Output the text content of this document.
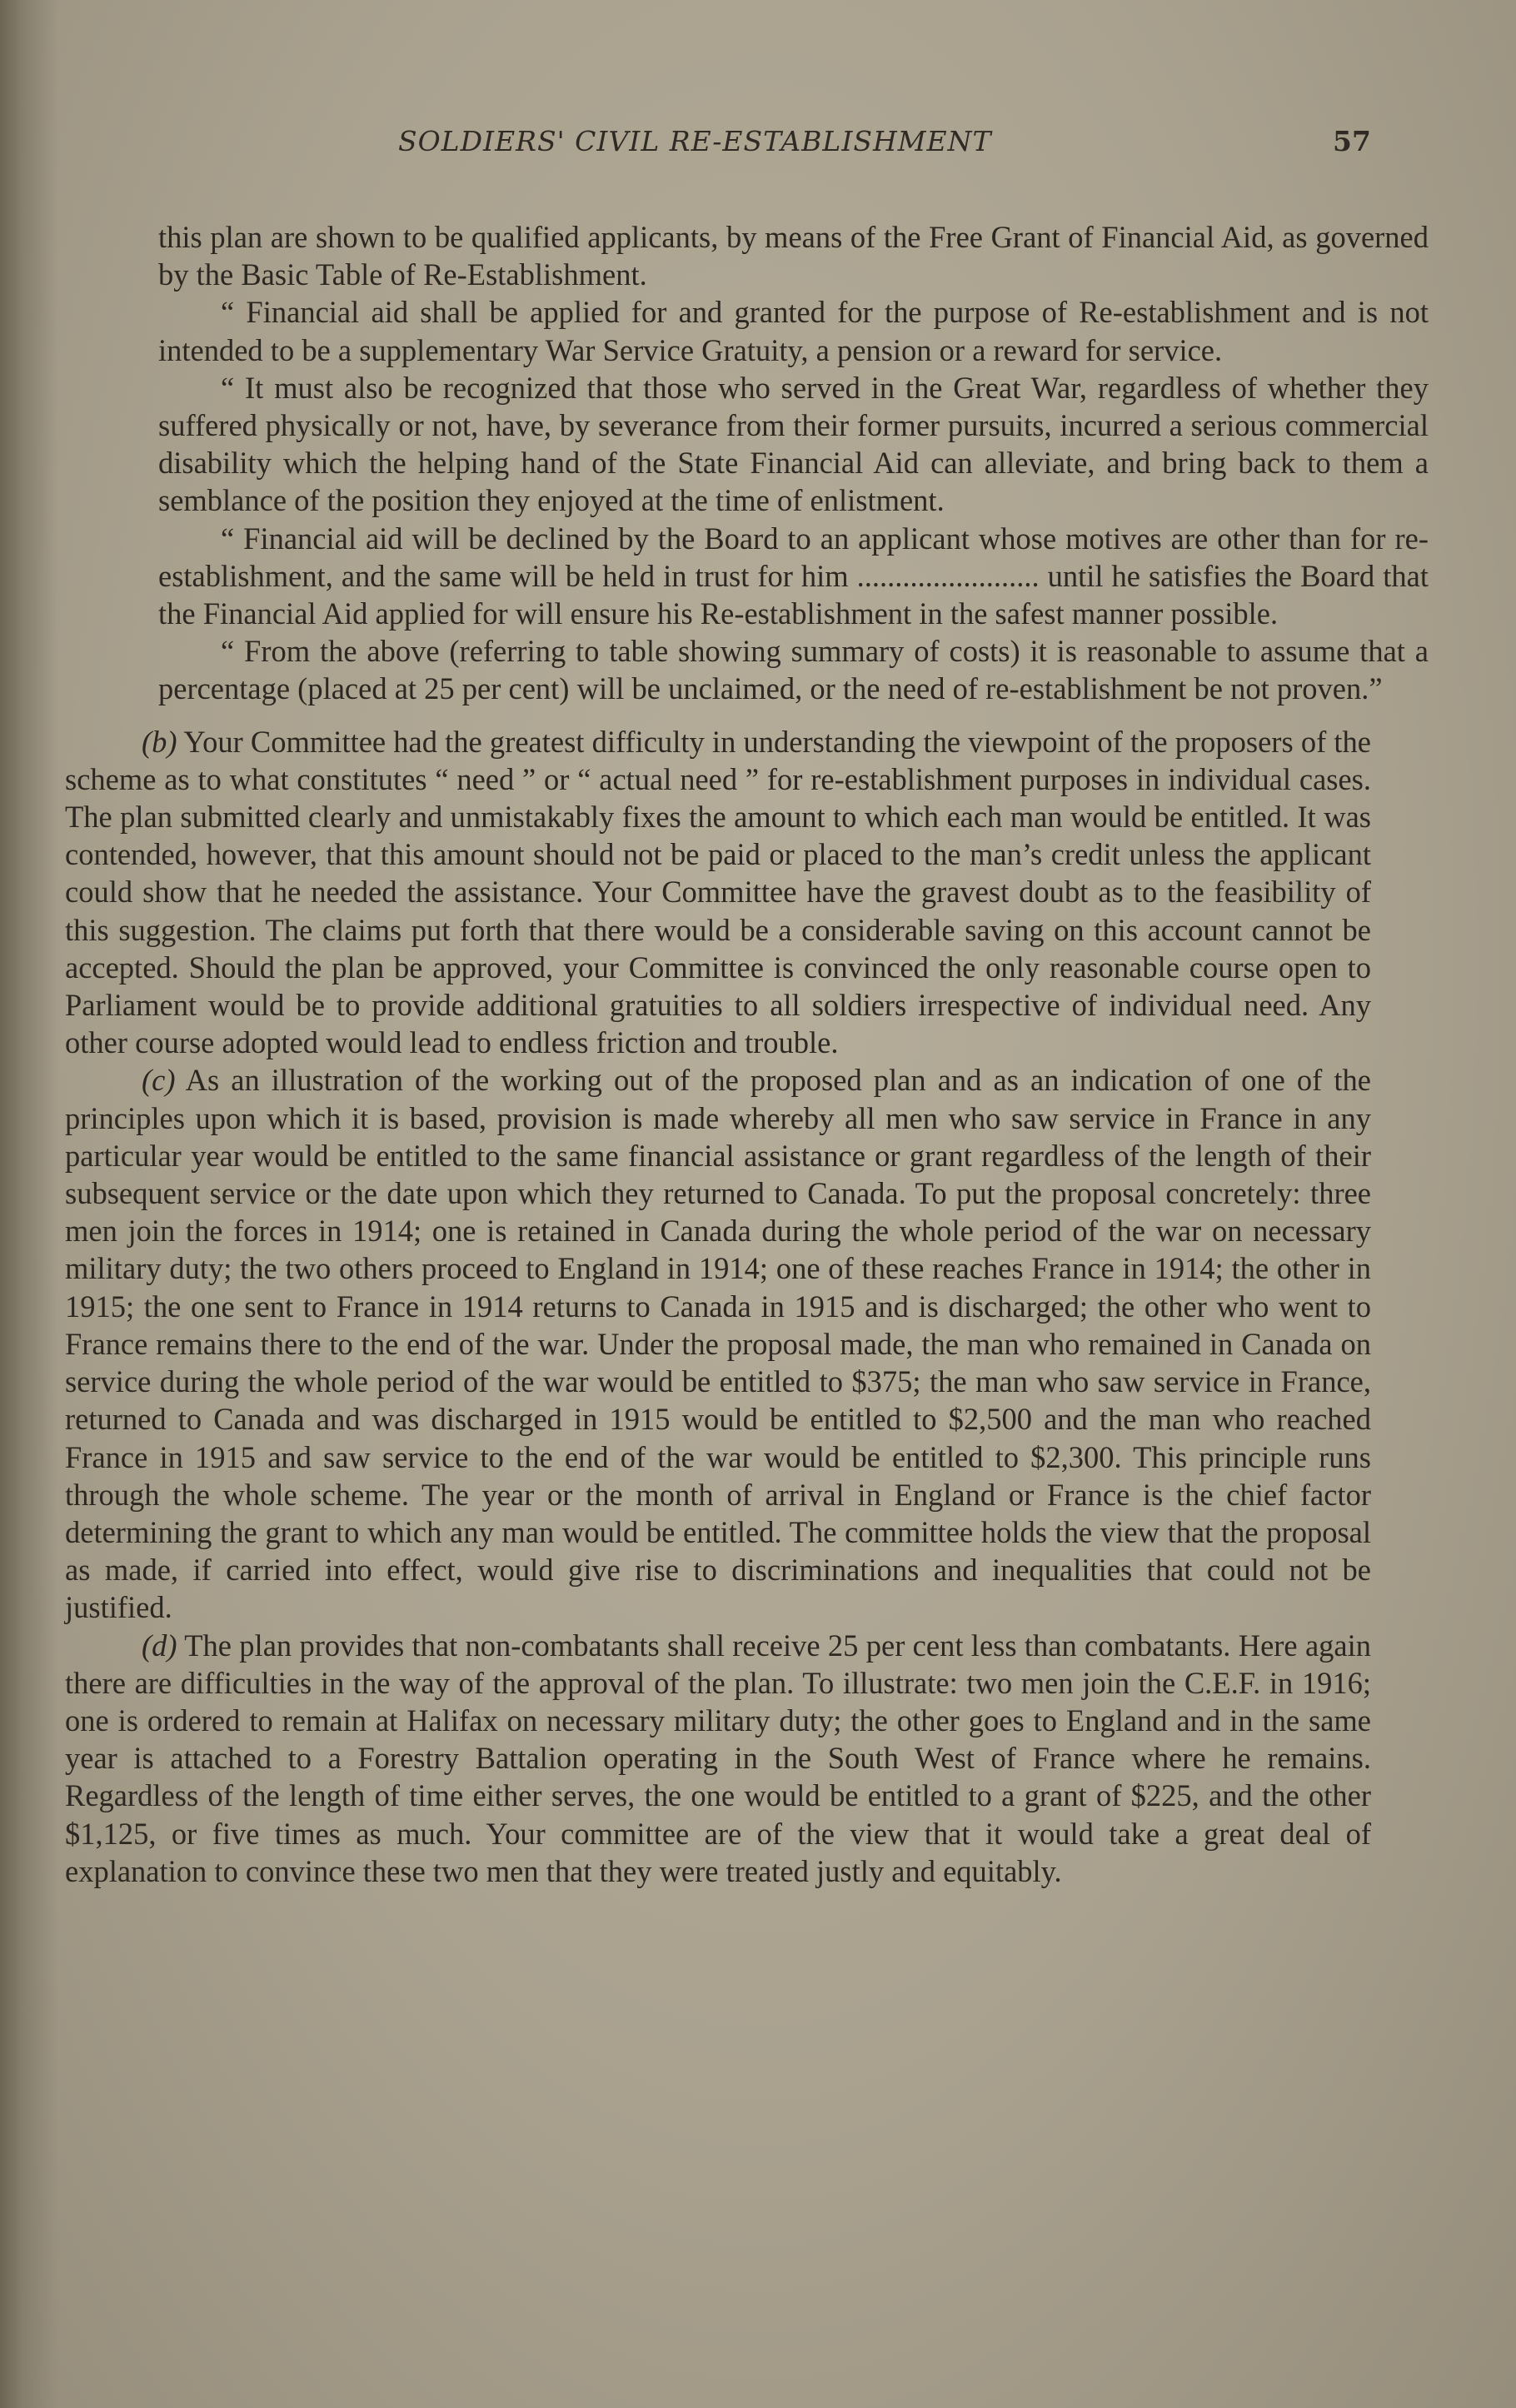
SOLDIERS' CIVIL RE-ESTABLISHMENT	57

this plan are shown to be qualified applicants, by means of the Free Grant of Financial Aid, as governed by the Basic Table of Re-Establishment.

“ Financial aid shall be applied for and granted for the purpose of Re-establishment and is not intended to be a supplementary War Service Gratuity, a pension or a reward for service.

“ It must also be recognized that those who served in the Great War, regardless of whether they suffered physically or not, have, by severance from their former pursuits, incurred a serious commercial disability which the helping hand of the State Financial Aid can alleviate, and bring back to them a semblance of the position they enjoyed at the time of enlistment.

“ Financial aid will be declined by the Board to an applicant whose motives are other than for re-establishment, and the same will be held in trust for him ........................ until he satisfies the Board that the Financial Aid applied for will ensure his Re-establishment in the safest manner possible.

“ From the above (referring to table showing summary of costs) it is reasonable to assume that a percentage (placed at 25 per cent) will be unclaimed, or the need of re-establishment be not proven.”

(b) Your Committee had the greatest difficulty in understanding the viewpoint of the proposers of the scheme as to what constitutes “ need ” or “ actual need ” for re-establishment purposes in individual cases. The plan submitted clearly and unmistakably fixes the amount to which each man would be entitled. It was contended, however, that this amount should not be paid or placed to the man’s credit unless the applicant could show that he needed the assistance. Your Committee have the gravest doubt as to the feasibility of this suggestion. The claims put forth that there would be a considerable saving on this account cannot be accepted. Should the plan be approved, your Committee is convinced the only reasonable course open to Parliament would be to provide additional gratuities to all soldiers irrespective of individual need. Any other course adopted would lead to endless friction and trouble.

(c) As an illustration of the working out of the proposed plan and as an indication of one of the principles upon which it is based, provision is made whereby all men who saw service in France in any particular year would be entitled to the same financial assistance or grant regardless of the length of their subsequent service or the date upon which they returned to Canada. To put the proposal concretely: three men join the forces in 1914; one is retained in Canada during the whole period of the war on necessary military duty; the two others proceed to England in 1914; one of these reaches France in 1914; the other in 1915; the one sent to France in 1914 returns to Canada in 1915 and is discharged; the other who went to France remains there to the end of the war. Under the proposal made, the man who remained in Canada on service during the whole period of the war would be entitled to $375; the man who saw service in France, returned to Canada and was discharged in 1915 would be entitled to $2,500 and the man who reached France in 1915 and saw service to the end of the war would be entitled to $2,300. This principle runs through the whole scheme. The year or the month of arrival in England or France is the chief factor determining the grant to which any man would be entitled. The committee holds the view that the proposal as made, if carried into effect, would give rise to discriminations and inequalities that could not be justified.

(d) The plan provides that non-combatants shall receive 25 per cent less than combatants. Here again there are difficulties in the way of the approval of the plan. To illustrate: two men join the C.E.F. in 1916; one is ordered to remain at Halifax on necessary military duty; the other goes to England and in the same year is attached to a Forestry Battalion operating in the South West of France where he remains. Regardless of the length of time either serves, the one would be entitled to a grant of $225, and the other $1,125, or five times as much. Your committee are of the view that it would take a great deal of explanation to convince these two men that they were treated justly and equitably.
